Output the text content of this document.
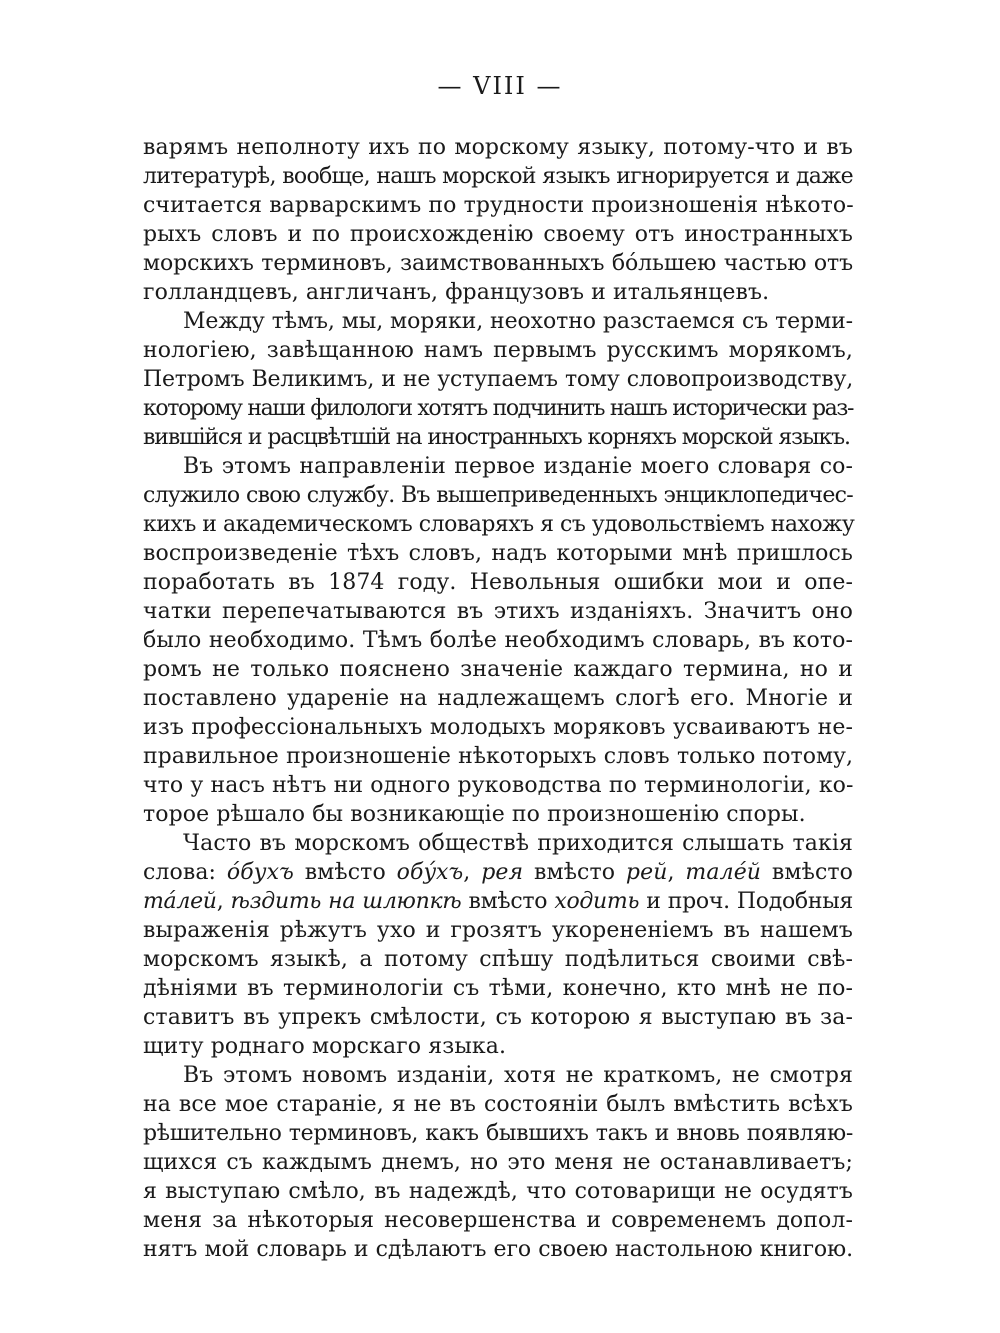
— VIII —
варямъ неполноту ихъ по морскому языку, потому-что и въ
литературѣ, вообще, нашъ морской языкъ игнорируется и даже
считается варварскимъ по трудности произношенія нѣкото-
рыхъ словъ и по происхожденію своему отъ иностранныхъ
морскихъ терминовъ, заимствованныхъ бóльшею частью отъ
голландцевъ, англичанъ, французовъ и итальянцевъ.
Между тѣмъ, мы, моряки, неохотно разстаемся съ терми-
нологіею, завѣщанною намъ первымъ русскимъ морякомъ,
Петромъ Великимъ, и не уступаемъ тому словопроизводству,
которому наши филологи хотятъ подчинить нашъ исторически раз-
вившійся и расцвѣтшій на иностранныхъ корняхъ морской языкъ.
Въ этомъ направленіи первое изданіе моего словаря со-
служило свою службу. Въ вышеприведенныхъ энциклопедичес-
кихъ и академическомъ словаряхъ я съ удовольствіемъ нахожу
воспроизведеніе тѣхъ словъ, надъ которыми мнѣ пришлось
поработать въ 1874 году. Невольныя ошибки мои и опе-
чатки перепечатываются въ этихъ изданіяхъ. Значитъ оно
было необходимо. Тѣмъ болѣе необходимъ словарь, въ кото-
ромъ не только пояснено значеніе каждаго термина, но и
поставлено удареніе на надлежащемъ слогѣ его. Многіе и
изъ профессіональныхъ молодыхъ моряковъ усваиваютъ не-
правильное произношеніе нѣкоторыхъ словъ только потому,
что у насъ нѣтъ ни одного руководства по терминологіи, ко-
торое рѣшало бы возникающіе по произношенію споры.
Часто въ морскомъ обществѣ приходится слышать такія
слова: óбухъ вмѣсто обýхъ, рея вмѣсто рей, талéй вмѣсто
тáлей, ѣздить на шлюпкѣ вмѣсто ходить и проч. Подобныя
выраженія рѣжутъ ухо и грозятъ укорененіемъ въ нашемъ
морскомъ языкѣ, а потому спѣшу подѣлиться своими свѣ-
дѣніями въ терминологіи съ тѣми, конечно, кто мнѣ не по-
ставитъ въ упрекъ смѣлости, съ которою я выступаю въ за-
щиту роднаго морскаго языка.
Въ этомъ новомъ изданіи, хотя не краткомъ, не смотря
на все мое стараніе, я не въ состояніи былъ вмѣстить всѣхъ
рѣшительно терминовъ, какъ бывшихъ такъ и вновь появляю-
щихся съ каждымъ днемъ, но это меня не останавливаетъ;
я выступаю смѣло, въ надеждѣ, что сотоварищи не осудятъ
меня за нѣкоторыя несовершенства и современемъ допол-
нятъ мой словарь и сдѣлаютъ его своею настольною книгою.
